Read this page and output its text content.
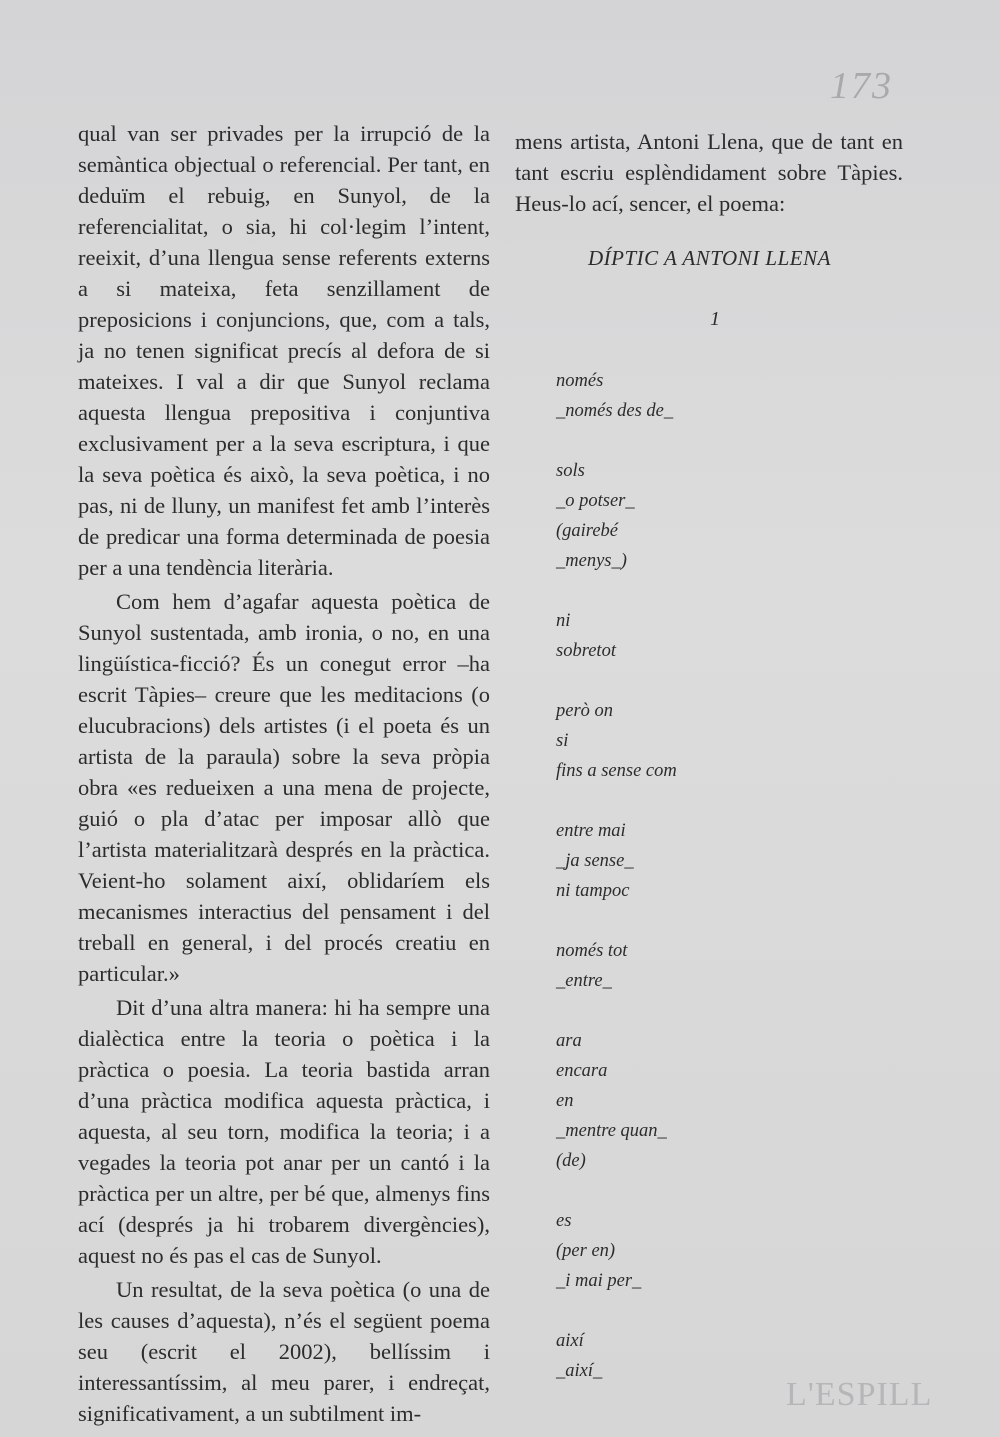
173

qual van ser privades per la irrupció de la semàntica objectual o referencial. Per tant, en deduïm el rebuig, en Sunyol, de la referencialitat, o sia, hi col·legim l’intent, reeixit, d’una llengua sense referents externs a si mateixa, feta senzillament de preposicions i conjuncions, que, com a tals, ja no tenen significat precís al defora de si mateixes. I val a dir que Sunyol reclama aquesta llengua prepositiva i conjuntiva exclusivament per a la seva escriptura, i que la seva poètica és això, la seva poètica, i no pas, ni de lluny, un manifest fet amb l’interès de predicar una forma determinada de poesia per a una tendència literària.

Com hem d’agafar aquesta poètica de Sunyol sustentada, amb ironia, o no, en una lingüística-ficció? És un conegut error –ha escrit Tàpies– creure que les meditacions (o elucubracions) dels artistes (i el poeta és un artista de la paraula) sobre la seva pròpia obra «es redueixen a una mena de projecte, guió o pla d’atac per imposar allò que l’artista materialitzarà després en la pràctica. Veient-ho solament així, oblidaríem els mecanismes interactius del pensament i del treball en general, i del procés creatiu en particular.»

Dit d’una altra manera: hi ha sempre una dialèctica entre la teoria o poètica i la pràctica o poesia. La teoria bastida arran d’una pràctica modifica aquesta pràctica, i aquesta, al seu torn, modifica la teoria; i a vegades la teoria pot anar per un cantó i la pràctica per un altre, per bé que, almenys fins ací (després ja hi trobarem divergències), aquest no és pas el cas de Sunyol.

Un resultat, de la seva poètica (o una de les causes d’aquesta), n’és el següent poema seu (escrit el 2002), bellíssim i interessantíssim, al meu parer, i endreçat, significativament, a un subtilment im-

mens artista, Antoni Llena, que de tant en tant escriu esplèndidament sobre Tàpies. Heus-lo ací, sencer, el poema:

DÍPTIC A ANTONI LLENA
1
només
_només des de_
sols
_o potser_
(gairebé
_menys_)
ni
sobretot
però on
si
fins a sense com
entre mai
_ja sense_
ni tampoc
només tot
_entre_
ara
encara
en
_mentre quan_
(de)
es
(per en)
_i mai per_
així
_així_
L'ESPILL
